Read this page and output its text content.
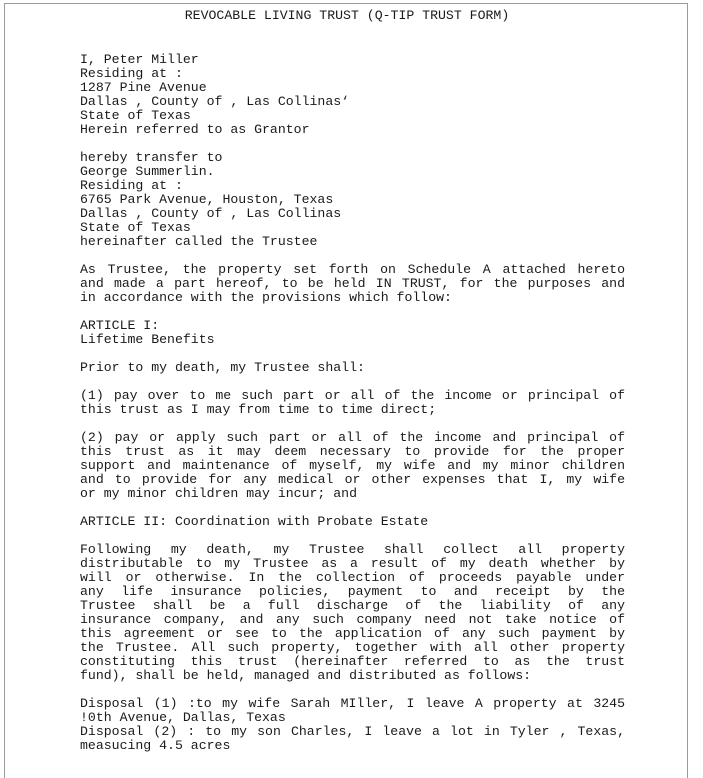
REVOCABLE LIVING TRUST (Q-TIP TRUST FORM)
I, Peter Miller
Residing at :
1287 Pine Avenue
Dallas , County of , Las Collinas‘
State of Texas
Herein referred to as Grantor
hereby transfer to
George Summerlin.
Residing at :
6765 Park Avenue, Houston, Texas
Dallas , County of , Las Collinas
State of Texas
hereinafter called the Trustee
As Trustee, the property set forth on Schedule A attached hereto
and made a part hereof, to be held IN TRUST, for the purposes and
in accordance with the provisions which follow:
ARTICLE I:
Lifetime Benefits
Prior to my death, my Trustee shall:
(1) pay over to me such part or all of the income or principal of
this trust as I may from time to time direct;
(2) pay or apply such part or all of the income and principal of
this trust as it may deem necessary to provide for the proper
support and maintenance of myself, my wife and my minor children
and to provide for any medical or other expenses that I, my wife
or my minor children may incur; and
ARTICLE II: Coordination with Probate Estate
Following my death, my Trustee shall collect all property
distributable to my Trustee as a result of my death whether by
will or otherwise. In the collection of proceeds payable under
any life insurance policies, payment to and receipt by the
Trustee shall be a full discharge of the liability of any
insurance company, and any such company need not take notice of
this agreement or see to the application of any such payment by
the Trustee. All such property, together with all other property
constituting this trust (hereinafter referred to as the trust
fund), shall be held, managed and distributed as follows:
Disposal (1) :to my wife Sarah MIller, I leave A property at 3245
!0th Avenue, Dallas, Texas
Disposal (2) : to my son Charles, I leave a lot in Tyler , Texas,
measucing 4.5 acres
